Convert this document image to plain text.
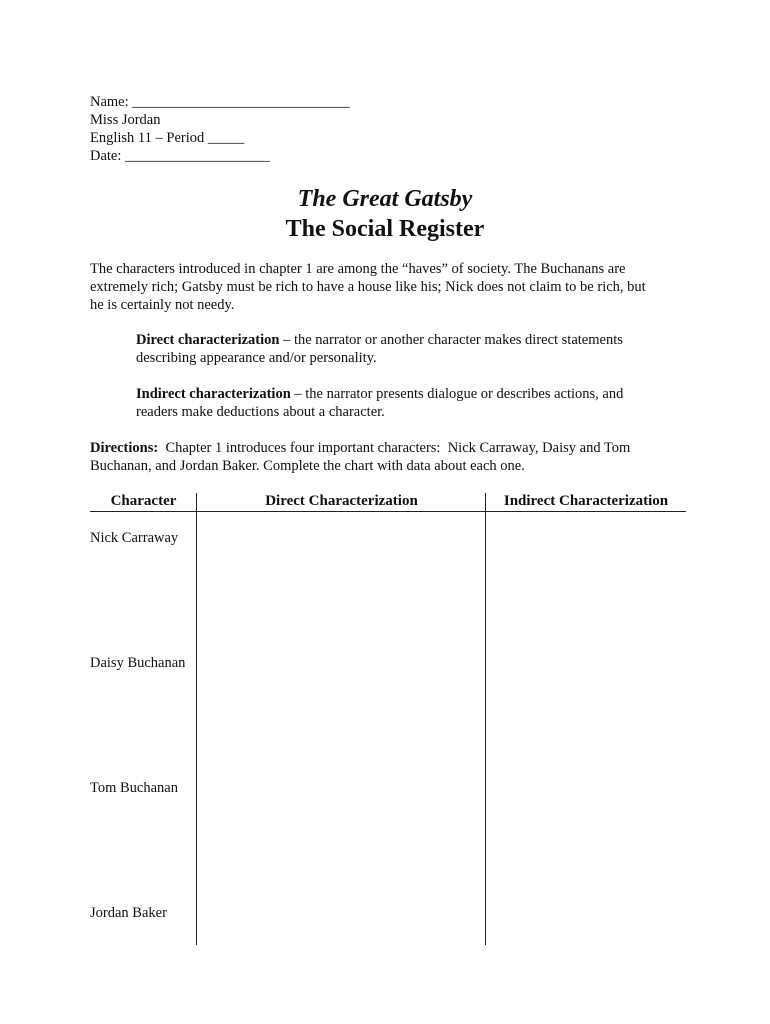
Name: ______________________________
Miss Jordan
English 11 – Period _____
Date: ____________________
The Great Gatsby
The Social Register
The characters introduced in chapter 1 are among the “haves” of society. The Buchanans are
extremely rich; Gatsby must be rich to have a house like his; Nick does not claim to be rich, but
he is certainly not needy.
Direct characterization – the narrator or another character makes direct statements
describing appearance and/or personality.
Indirect characterization – the narrator presents dialogue or describes actions, and
readers make deductions about a character.
Directions:  Chapter 1 introduces four important characters:  Nick Carraway, Daisy and Tom
Buchanan, and Jordan Baker. Complete the chart with data about each one.
Character	Direct Characterization	Indirect Characterization
Nick Carraway
Daisy Buchanan
Tom Buchanan
Jordan Baker
